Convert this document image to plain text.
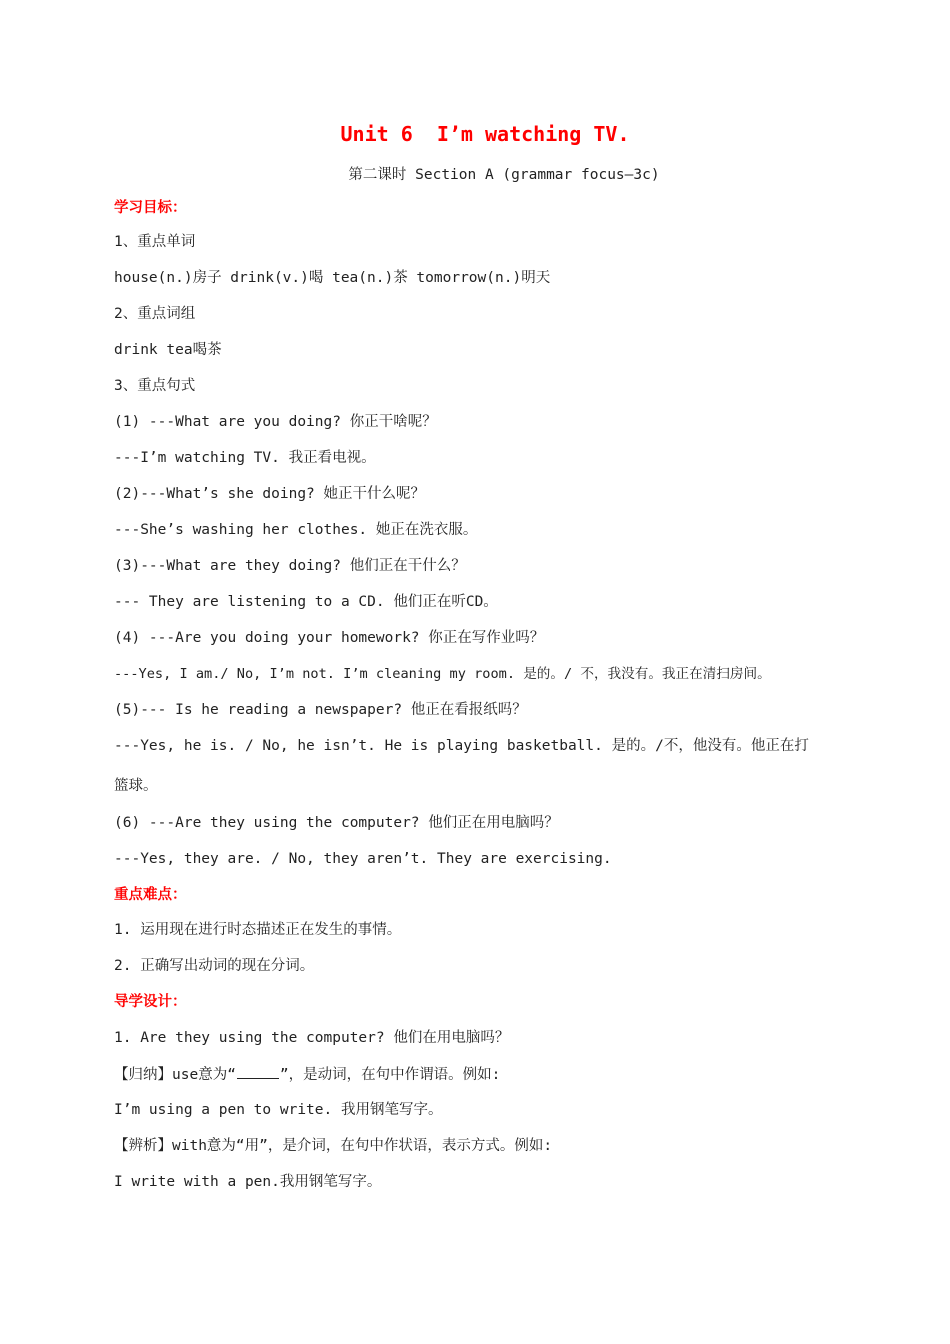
Unit 6  I’m watching TV.
第二课时 Section A (grammar focus—3c)
学习目标：
1、重点单词
house(n.)房子 drink(v.)喝 tea(n.)茶 tomorrow(n.)明天
2、重点词组
drink tea喝茶
3、重点句式
(1) ---What are you doing? 你正干啥呢？
---I’m watching TV. 我正看电视。
(2)---What’s she doing? 她正干什么呢？
---She’s washing her clothes. 她正在洗衣服。
(3)---What are they doing? 他们正在干什么？
--- They are listening to a CD. 他们正在听CD。
(4) ---Are you doing your homework? 你正在写作业吗？
---Yes, I am./ No, I’m not. I’m cleaning my room. 是的。/ 不，我没有。我正在清扫房间。
(5)--- Is he reading a newspaper? 他正在看报纸吗？
---Yes, he is. / No, he isn’t. He is playing basketball. 是的。/不，他没有。他正在打
篮球。
(6) ---Are they using the computer? 他们正在用电脑吗？
---Yes, they are. / No, they aren’t. They are exercising.
重点难点：
1. 运用现在进行时态描述正在发生的事情。
2. 正确写出动词的现在分词。
导学设计：
1. Are they using the computer? 他们在用电脑吗？
【归纳】use意为“	”，是动词，在句中作谓语。例如:
I’m using a pen to write. 我用钢笔写字。
【辨析】with意为“用”，是介词，在句中作状语，表示方式。例如:
I write with a pen.我用钢笔写字。
